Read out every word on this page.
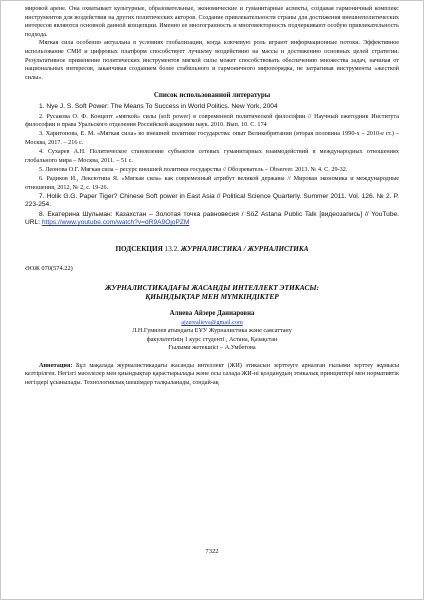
мировой арене. Она охватывает культурные, образовательные, экономические и гуманитарные аспекты, создавая гармоничный комплекс инструментов для воздействия на других политических акторов. Создание привлекательности страны для достижения внешнеполитических интересов являются основной данной концепции. Именно ее многогранность и многовекторность подчеркивают особую привлекательность подхода.

Мягкая сила особенно актуальна в условиях глобализации, когда ключевую роль играют информационные потоки. Эффективное использование СМИ и цифровых платформ способствует лучшему воздействию на массы и достижению основных целей стратегии. Результативное применение политических инструментов мягкой силы может способствовать обеспечению множества задач, начиная от национальных интересов, заканчивая созданием более стабильного и гармоничного миропорядка, не затрагивая инструменты «жесткой силы».

Список использованной литературы

1. Nye J. S. Soft Power: The Means To Success in World Politics. New York, 2004

2. Русакова О. Ф. Концепт «мягкой» силы (soft power) в современной политической философии // Научный ежегодник Института философии и права Уральского отделения Российской академии наук. 2010. Вып. 10. С. 174

3. Харитонова, Е. М. «Мягкая сила» во внешней политике государства: опыт Великобритании (вторая половина 1990-х – 2010-е гг.) – Москва, 2017. – 216 с.

4. Сухарев А.Н. Политическое становление субъектов сетевых гуманитарных взаимодействий в международных отношениях глобального мира – Москва, 2011. – 51 с.

5. Леонова О.Г. Мягкая сила – ресурс внешней политики государства // Обозреватель – Observer. 2013. № 4. С. 29-32.

6. Радиков И., Лексютина Я. «Мягкая сила» как современный атрибут великой державы // Мировая экономика и международные отношения, 2012, № 2, с. 19-26.

7. Holik G.G. Paper Tiger? Chinese Soft power in East Asia // Political Science Quarterly. Summer 2011. Vol. 126. № 2. P. 223-254.

8. Екатерина Шульман: Казахстан – Золотая точка равновесия / SöZ Astana Public Talk [видеозапись] // YouTube. URL: https://www.youtube.com/watch?v=dR9A9OjoPZM

ПОДСЕКЦИЯ 13.2. ЖУРНАЛИСТИКА / ЖУРНАЛИСТИКА
ӘОЖ 070(574.22)
ЖУРНАЛИСТИКАДАҒЫ ЖАСАНДЫ ИНТЕЛЛЕКТ ЭТИКАСЫ:
ҚИЫНДЫҚТАР МЕН МҮМКІНДІКТЕР
Алиева Айзере Даниаровна
ajzerealieva@gmail.com

Л.Н.Гумилев атындағы ЕҰУ Журналистика және саясаттану

факультетінің 1 курс студенті , Астана, Қазақстан

Ғылыми жетекшісі – А.Умбетова

Аннотация: Бұл мақалада журналистикадағы жасанды интеллект (ЖИ) этикасын зерттеуге арналған ғылыми зерттеу жұмысы келтірілген. Негізгі мәселелер мен қиындықтар қарастырылады және осы салада ЖИ-ні қолданудың этикалық принциптері мен нормативтік негіздері ұсынылады. Технологиялық шешімдер талқыланады, сондай-ақ

7322
